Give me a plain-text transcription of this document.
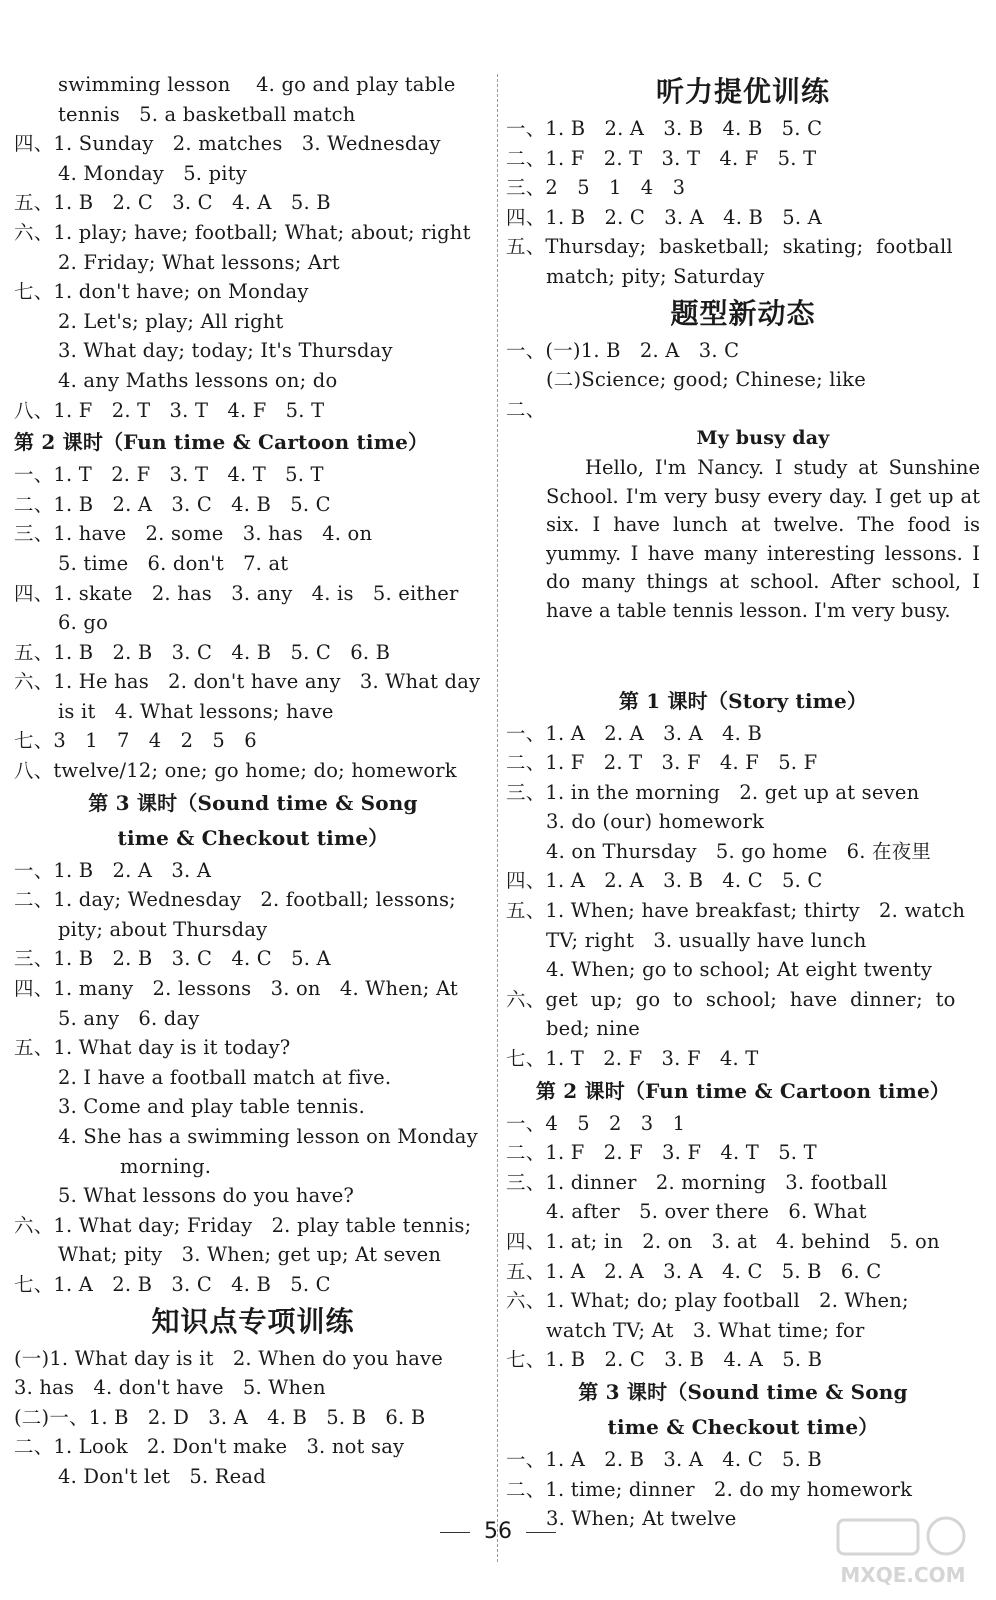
swimming lesson    4. go and play table
tennis   5. a basketball match
四、1. Sunday   2. matches   3. Wednesday
4. Monday   5. pity
五、1. B   2. C   3. C   4. A   5. B
六、1. play; have; football; What; about; right
2. Friday; What lessons; Art
七、1. don't have; on Monday
2. Let's; play; All right
3. What day; today; It's Thursday
4. any Maths lessons on; do
八、1. F   2. T   3. T   4. F   5. T
第 2 课时（Fun time & Cartoon time）
一、1. T   2. F   3. T   4. T   5. T
二、1. B   2. A   3. C   4. B   5. C
三、1. have   2. some   3. has   4. on
5. time   6. don't   7. at
四、1. skate   2. has   3. any   4. is   5. either
6. go
五、1. B   2. B   3. C   4. B   5. C   6. B
六、1. He has   2. don't have any   3. What day
is it   4. What lessons; have
七、3   1   7   4   2   5   6
八、twelve/12; one; go home; do; homework
第 3 课时（Sound time & Song
time & Checkout time）
一、1. B   2. A   3. A
二、1. day; Wednesday   2. football; lessons;
pity; about Thursday
三、1. B   2. B   3. C   4. C   5. A
四、1. many   2. lessons   3. on   4. When; At
5. any   6. day
五、1. What day is it today?
2. I have a football match at five.
3. Come and play table tennis.
4. She has a swimming lesson on Monday
morning.
5. What lessons do you have?
六、1. What day; Friday   2. play table tennis;
What; pity   3. When; get up; At seven
七、1. A   2. B   3. C   4. B   5. C
知识点专项训练
(一)1. What day is it   2. When do you have
3. has   4. don't have   5. When
(二)一、1. B   2. D   3. A   4. B   5. B   6. B
二、1. Look   2. Don't make   3. not say
4. Don't let   5. Read
听力提优训练
一、1. B   2. A   3. B   4. B   5. C
二、1. F   2. T   3. T   4. F   5. T
三、2   5   1   4   3
四、1. B   2. C   3. A   4. B   5. A
五、Thursday;  basketball;  skating;  football
match; pity; Saturday
题型新动态
一、(一)1. B   2. A   3. C
(二)Science; good; Chinese; like
二、
My busy day
Hello, I'm Nancy. I study at Sunshine School. I'm very busy every day. I get up at six. I have lunch at twelve. The food is yummy. I have many interesting lessons. I do many things at school. After school, I have a table tennis lesson. I'm very busy.

第 1 课时（Story time）
一、1. A   2. A   3. A   4. B
二、1. F   2. T   3. F   4. F   5. F
三、1. in the morning   2. get up at seven
3. do (our) homework
4. on Thursday   5. go home   6. 在夜里
四、1. A   2. A   3. B   4. C   5. C
五、1. When; have breakfast; thirty   2. watch
TV; right   3. usually have lunch
4. When; go to school; At eight twenty
六、get  up;  go  to  school;  have  dinner;  to
bed; nine
七、1. T   2. F   3. F   4. T
第 2 课时（Fun time & Cartoon time）
一、4   5   2   3   1
二、1. F   2. F   3. F   4. T   5. T
三、1. dinner   2. morning   3. football
4. after   5. over there   6. What
四、1. at; in   2. on   3. at   4. behind   5. on
五、1. A   2. A   3. A   4. C   5. B   6. C
六、1. What; do; play football   2. When;
watch TV; At   3. What time; for
七、1. B   2. C   3. B   4. A   5. B
第 3 课时（Sound time & Song
time & Checkout time）
一、1. A   2. B   3. A   4. C   5. B
二、1. time; dinner   2. do my homework
3. When; At twelve
56
MXQE.COM
